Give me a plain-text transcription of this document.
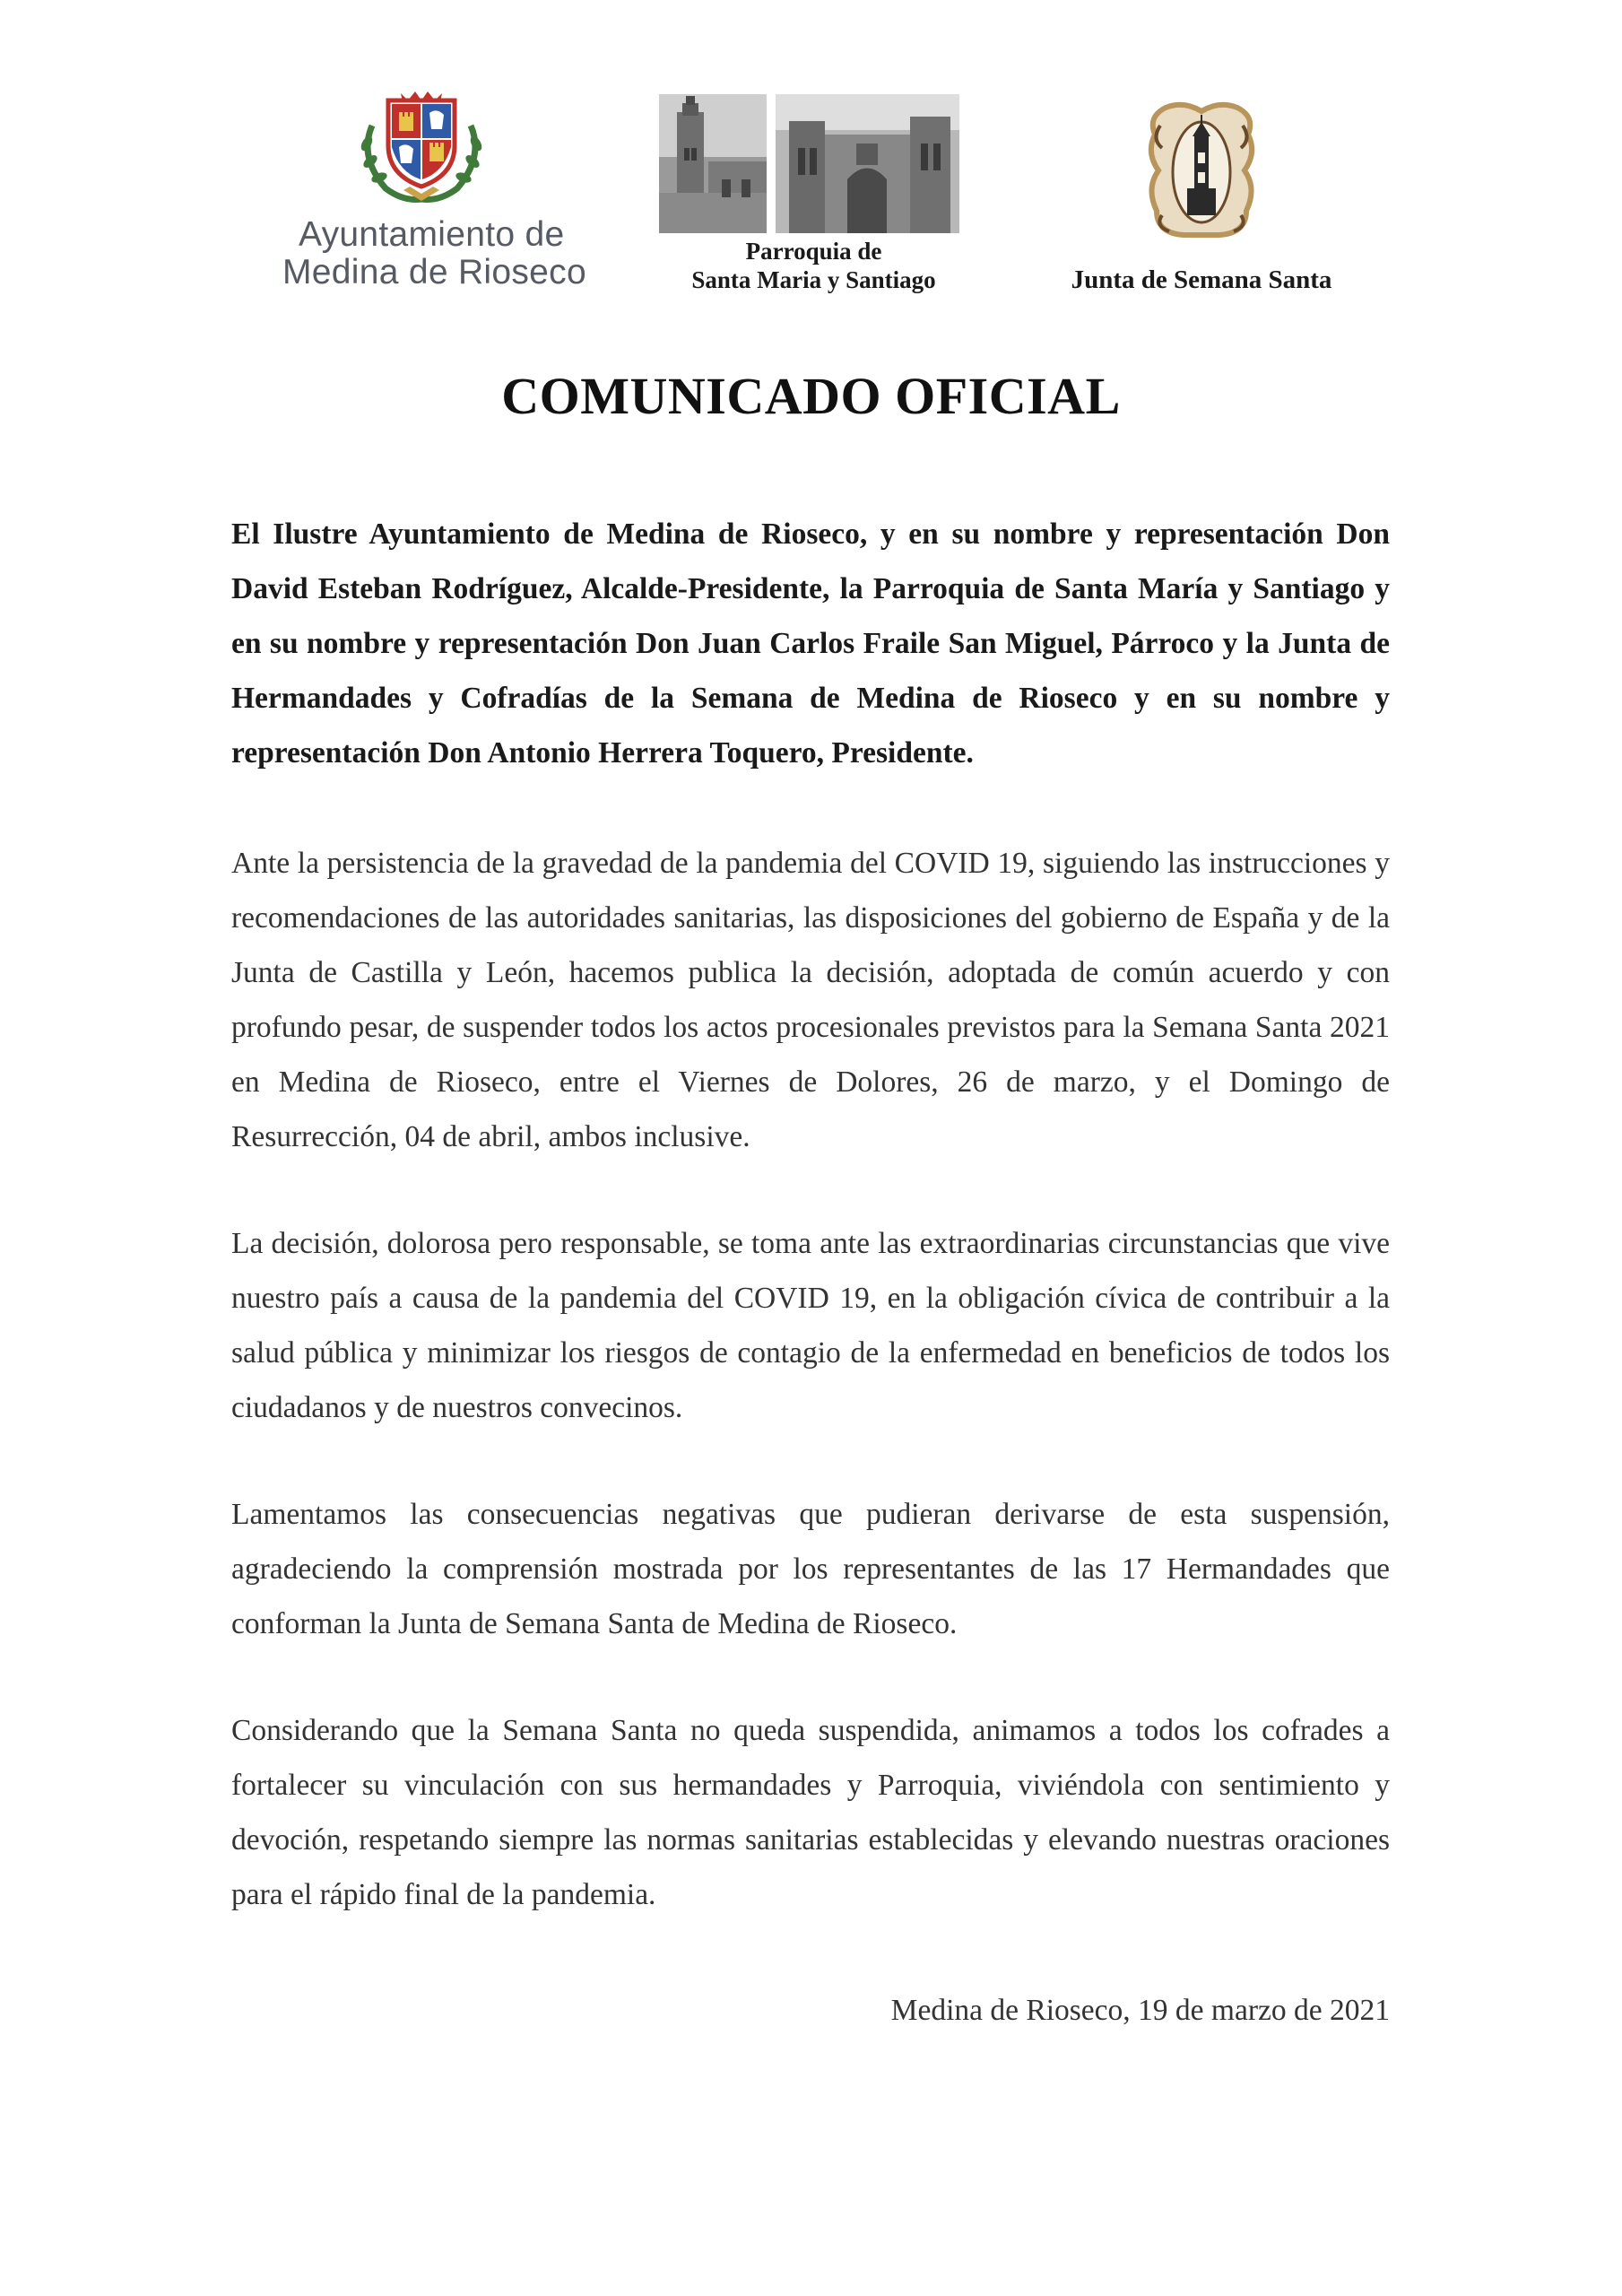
Ayuntamiento de
Medina de Rioseco
Parroquia de
Santa Maria y Santiago	Junta de Semana Santa
COMUNICADO OFICIAL

El Ilustre Ayuntamiento de Medina de Rioseco, y en su nombre y representación Don David Esteban Rodríguez, Alcalde-Presidente, la Parroquia de Santa María y Santiago y en su nombre y representación Don Juan Carlos Fraile San Miguel, Párroco y la Junta de Hermandades y Cofradías de la Semana de Medina de Rioseco y en su nombre y representación Don Antonio Herrera Toquero, Presidente.

Ante la persistencia de la gravedad de la pandemia del COVID 19, siguiendo las instrucciones y recomendaciones de las autoridades sanitarias, las disposiciones del gobierno de España y de la Junta de Castilla y León, hacemos publica la decisión, adoptada de común acuerdo y con profundo pesar, de suspender todos los actos procesionales previstos para la Semana Santa 2021 en Medina de Rioseco, entre el Viernes de Dolores, 26 de marzo, y el Domingo de Resurrección, 04 de abril, ambos inclusive.

La decisión, dolorosa pero responsable, se toma ante las extraordinarias circunstancias que vive nuestro país a causa de la pandemia del COVID 19, en la obligación cívica de contribuir a la salud pública y minimizar los riesgos de contagio de la enfermedad en beneficios de todos los ciudadanos y de nuestros convecinos.

Lamentamos las consecuencias negativas que pudieran derivarse de esta suspensión, agradeciendo la comprensión mostrada por los representantes de las 17 Hermandades que conforman la Junta de Semana Santa de Medina de Rioseco.

Considerando que la Semana Santa no queda suspendida, animamos a todos los cofrades a fortalecer su vinculación con sus hermandades y Parroquia, viviéndola con sentimiento y devoción, respetando siempre las normas sanitarias establecidas y elevando nuestras oraciones para el rápido final de la pandemia.

Medina de Rioseco, 19 de marzo de 2021
